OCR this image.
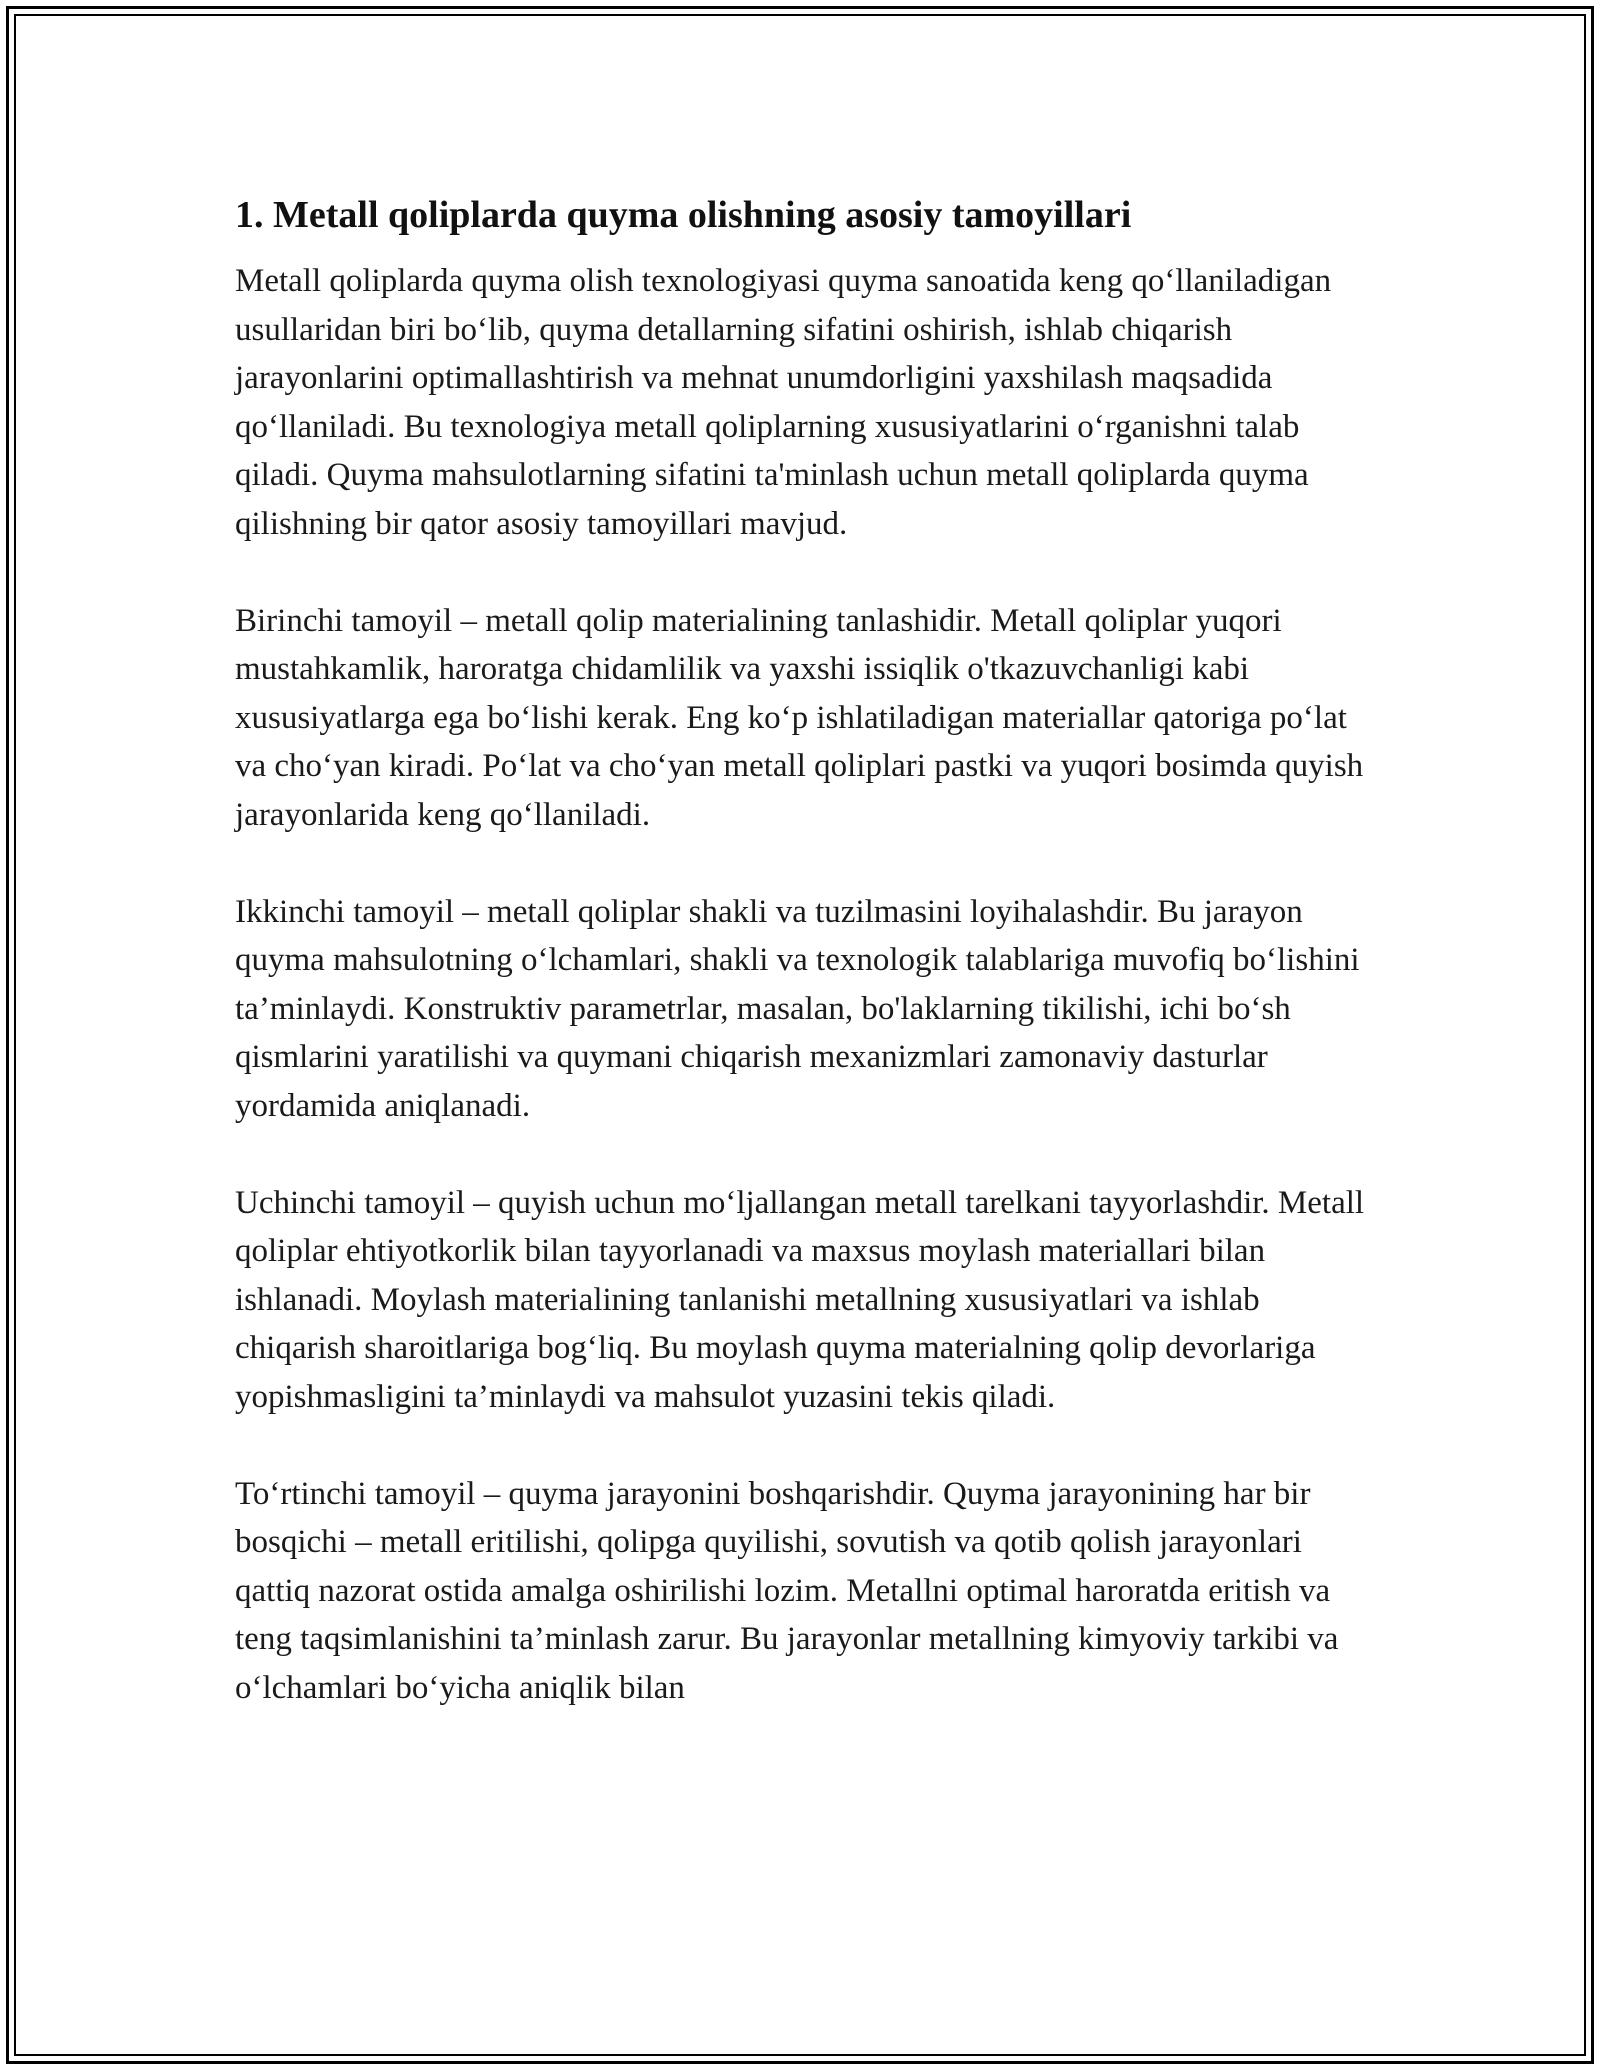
1. Metall qoliplarda quyma olishning asosiy tamoyillari

Metall qoliplarda quyma olish texnologiyasi quyma sanoatida keng qo‘llaniladigan usullaridan biri bo‘lib, quyma detallarning sifatini oshirish, ishlab chiqarish jarayonlarini optimallashtirish va mehnat unumdorligini yaxshilash maqsadida qo‘llaniladi. Bu texnologiya metall qoliplarning xususiyatlarini o‘rganishni talab qiladi. Quyma mahsulotlarning sifatini ta'minlash uchun metall qoliplarda quyma qilishning bir qator asosiy tamoyillari mavjud.

Birinchi tamoyil – metall qolip materialining tanlashidir. Metall qoliplar yuqori mustahkamlik, haroratga chidamlilik va yaxshi issiqlik o'tkazuvchanligi kabi xususiyatlarga ega bo‘lishi kerak. Eng ko‘p ishlatiladigan materiallar qatoriga po‘lat va cho‘yan kiradi. Po‘lat va cho‘yan metall qoliplari pastki va yuqori bosimda quyish jarayonlarida keng qo‘llaniladi.

Ikkinchi tamoyil – metall qoliplar shakli va tuzilmasini loyihalashdir. Bu jarayon quyma mahsulotning o‘lchamlari, shakli va texnologik talablariga muvofiq bo‘lishini ta’minlaydi. Konstruktiv parametrlar, masalan, bo'laklarning tikilishi, ichi bo‘sh qismlarini yaratilishi va quymani chiqarish mexanizmlari zamonaviy dasturlar yordamida aniqlanadi.

Uchinchi tamoyil – quyish uchun mo‘ljallangan metall tarelkani tayyorlashdir. Metall qoliplar ehtiyotkorlik bilan tayyorlanadi va maxsus moylash materiallari bilan ishlanadi. Moylash materialining tanlanishi metallning xususiyatlari va ishlab chiqarish sharoitlariga bog‘liq. Bu moylash quyma materialning qolip devorlariga yopishmasligini ta’minlaydi va mahsulot yuzasini tekis qiladi.

To‘rtinchi tamoyil – quyma jarayonini boshqarishdir. Quyma jarayonining har bir bosqichi – metall eritilishi, qolipga quyilishi, sovutish va qotib qolish jarayonlari qattiq nazorat ostida amalga oshirilishi lozim. Metallni optimal haroratda eritish va teng taqsimlanishini ta’minlash zarur. Bu jarayonlar metallning kimyoviy tarkibi va o‘lchamlari bo‘yicha aniqlik bilan
